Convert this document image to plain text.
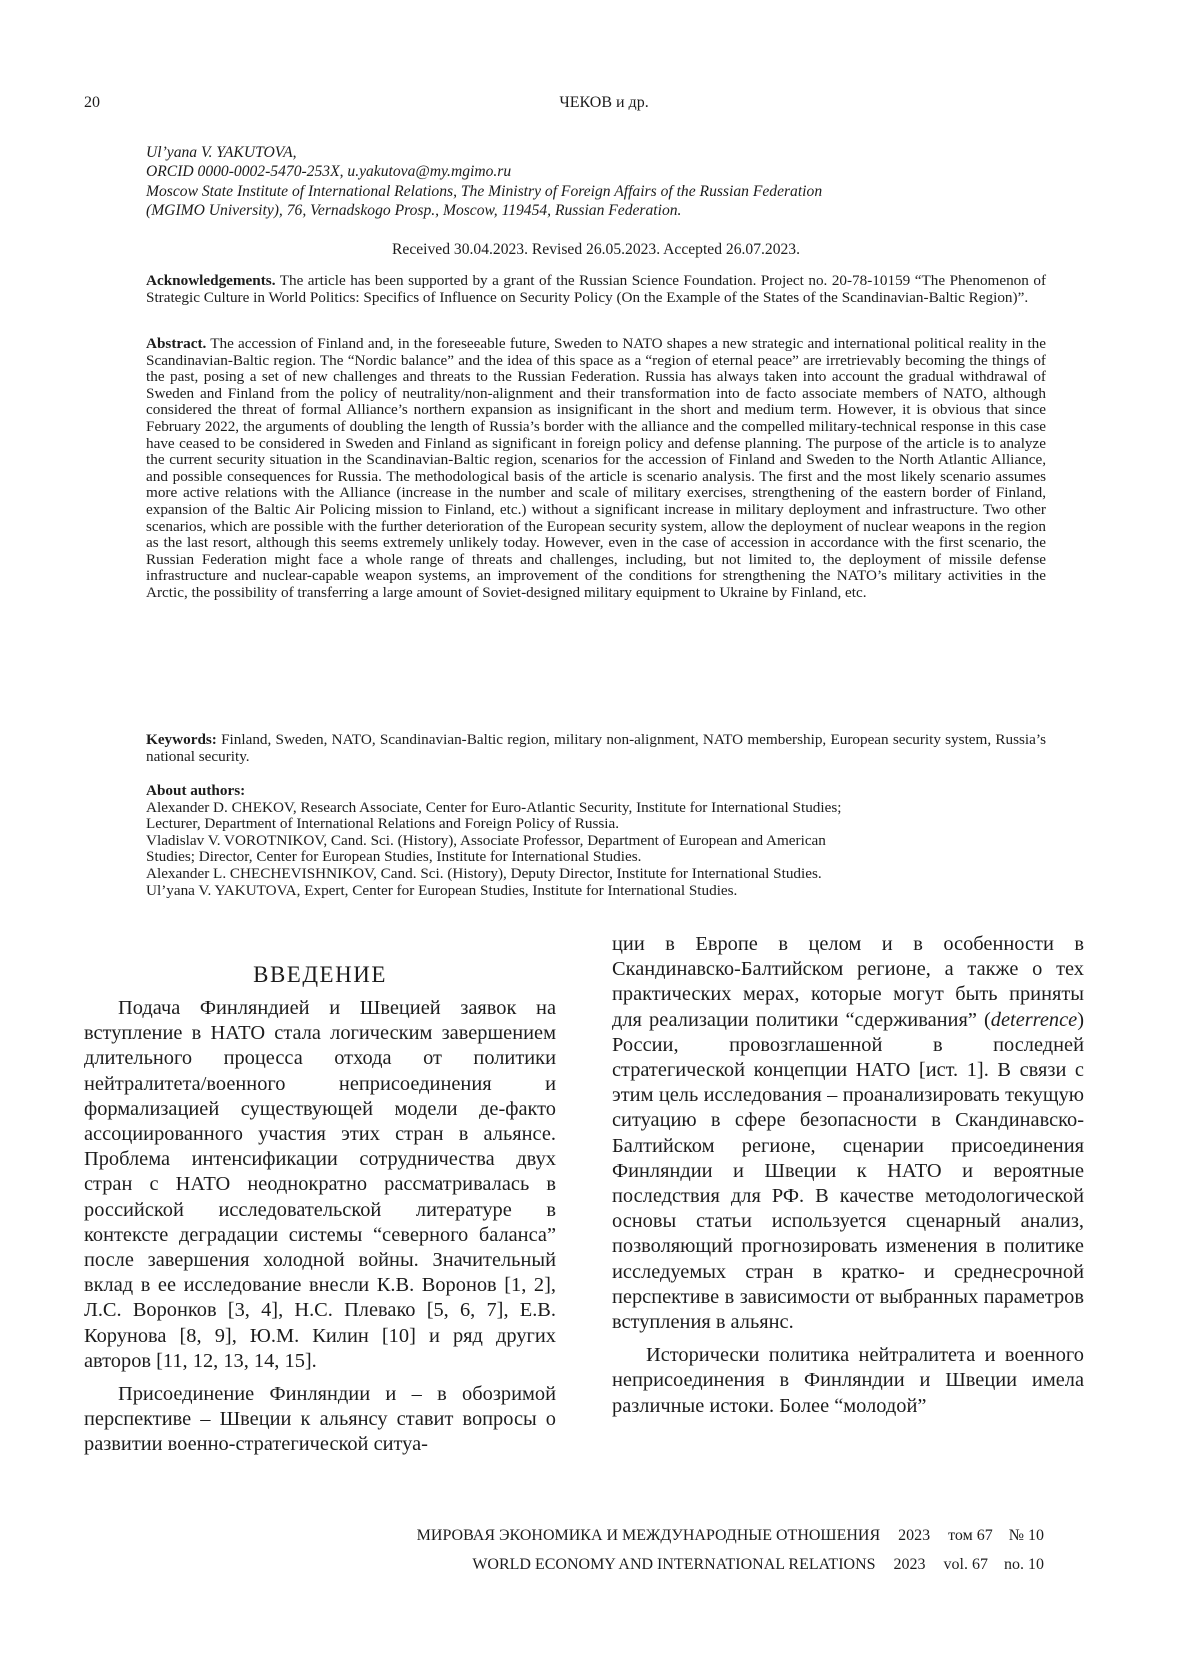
20	ЧЕКОВ и др.
Ul’yana V. YAKUTOVA,
ORCID 0000-0002-5470-253X, u.yakutova@my.mgimo.ru
Moscow State Institute of International Relations, The Ministry of Foreign Affairs of the Russian Federation
(MGIMO University), 76, Vernadskogo Prosp., Moscow, 119454, Russian Federation.
Received 30.04.2023. Revised 26.05.2023. Accepted 26.07.2023.
Acknowledgements. The article has been supported by a grant of the Russian Science Foundation. Project no. 20-78-10159 “The Phenomenon of Strategic Culture in World Politics: Specifics of Influence on Security Policy (On the Example of the States of the Scandinavian-Baltic Region)”.
Abstract. The accession of Finland and, in the foreseeable future, Sweden to NATO shapes a new strategic and international political reality in the Scandinavian-Baltic region. The “Nordic balance” and the idea of this space as a “region of eternal peace” are irretrievably becoming the things of the past, posing a set of new challenges and threats to the Russian Federation. Russia has always taken into account the gradual withdrawal of Sweden and Finland from the policy of neutrality/non-alignment and their transformation into de facto associate members of NATO, although considered the threat of formal Alliance’s northern expansion as insignificant in the short and medium term. However, it is obvious that since February 2022, the arguments of doubling the length of Russia’s border with the alliance and the compelled military-technical response in this case have ceased to be considered in Sweden and Finland as significant in foreign policy and defense planning. The purpose of the article is to analyze the current security situation in the Scandinavian-Baltic region, scenarios for the accession of Finland and Sweden to the North Atlantic Alliance, and possible consequences for Russia. The methodological basis of the article is scenario analysis. The first and the most likely scenario assumes more active relations with the Alliance (increase in the number and scale of military exercises, strengthening of the eastern border of Finland, expansion of the Baltic Air Policing mission to Finland, etc.) without a significant increase in military deployment and infrastructure. Two other scenarios, which are possible with the further deterioration of the European security system, allow the deployment of nuclear weapons in the region as the last resort, although this seems extremely unlikely today. However, even in the case of accession in accordance with the first scenario, the Russian Federation might face a whole range of threats and challenges, including, but not limited to, the deployment of missile defense infrastructure and nuclear-capable weapon systems, an improvement of the conditions for strengthening the NATO’s military activities in the Arctic, the possibility of transferring a large amount of Soviet-designed military equipment to Ukraine by Finland, etc.
Keywords: Finland, Sweden, NATO, Scandinavian-Baltic region, military non-alignment, NATO membership, European security system, Russia’s national security.

About authors:

Alexander D. CHEKOV, Research Associate, Center for Euro-Atlantic Security, Institute for International Studies;

Lecturer, Department of International Relations and Foreign Policy of Russia.

Vladislav V. VOROTNIKOV, Cand. Sci. (History), Associate Professor, Department of European and American

Studies; Director, Center for European Studies, Institute for International Studies.

Alexander L. CHECHEVISHNIKOV, Cand. Sci. (History), Deputy Director, Institute for International Studies.

Ul’yana V. YAKUTOVA, Expert, Center for European Studies, Institute for International Studies.

ВВЕДЕНИЕ

Подача Финляндией и Швецией заявок на вступление в НАТО стала логическим завершением длительного процесса отхода от политики нейтралитета/военного неприсоединения и формализацией существующей модели де-факто ассоциированного участия этих стран в альянсе. Проблема интенсификации сотрудничества двух стран с НАТО неоднократно рассматривалась в российской исследовательской литературе в контексте деградации системы “северного баланса” после завершения холодной войны. Значительный вклад в ее исследование внесли К.В. Воронов [1, 2], Л.С. Воронков [3, 4], Н.С. Плевако [5, 6, 7], Е.В. Корунова [8, 9], Ю.М. Килин [10] и ряд других авторов [11, 12, 13, 14, 15].

Присоединение Финляндии и – в обозримой перспективе – Швеции к альянсу ставит вопросы о развитии военно-стратегической ситуа-

ции в Европе в целом и в особенности в Скандинавско-Балтийском регионе, а также о тех практических мерах, которые могут быть приняты для реализации политики “сдерживания” (deterrence) России, провозглашенной в последней стратегической концепции НАТО [ист. 1]. В связи с этим цель исследования – проанализировать текущую ситуацию в сфере безопасности в Скандинавско-Балтийском регионе, сценарии присоединения Финляндии и Швеции к НАТО и вероятные последствия для РФ. В качестве методологической основы статьи используется сценарный анализ, позволяющий прогнозировать изменения в политике исследуемых стран в кратко- и среднесрочной перспективе в зависимости от выбранных параметров вступления в альянс.

Исторически политика нейтралитета и военного неприсоединения в Финляндии и Швеции имела различные истоки. Более “молодой”

МИРОВАЯ ЭКОНОМИКА И МЕЖДУНАРОДНЫЕ ОТНОШЕНИЯ 2023 том 67 № 10
WORLD ECONOMY AND INTERNATIONAL RELATIONS 2023 vol. 67 no. 10
